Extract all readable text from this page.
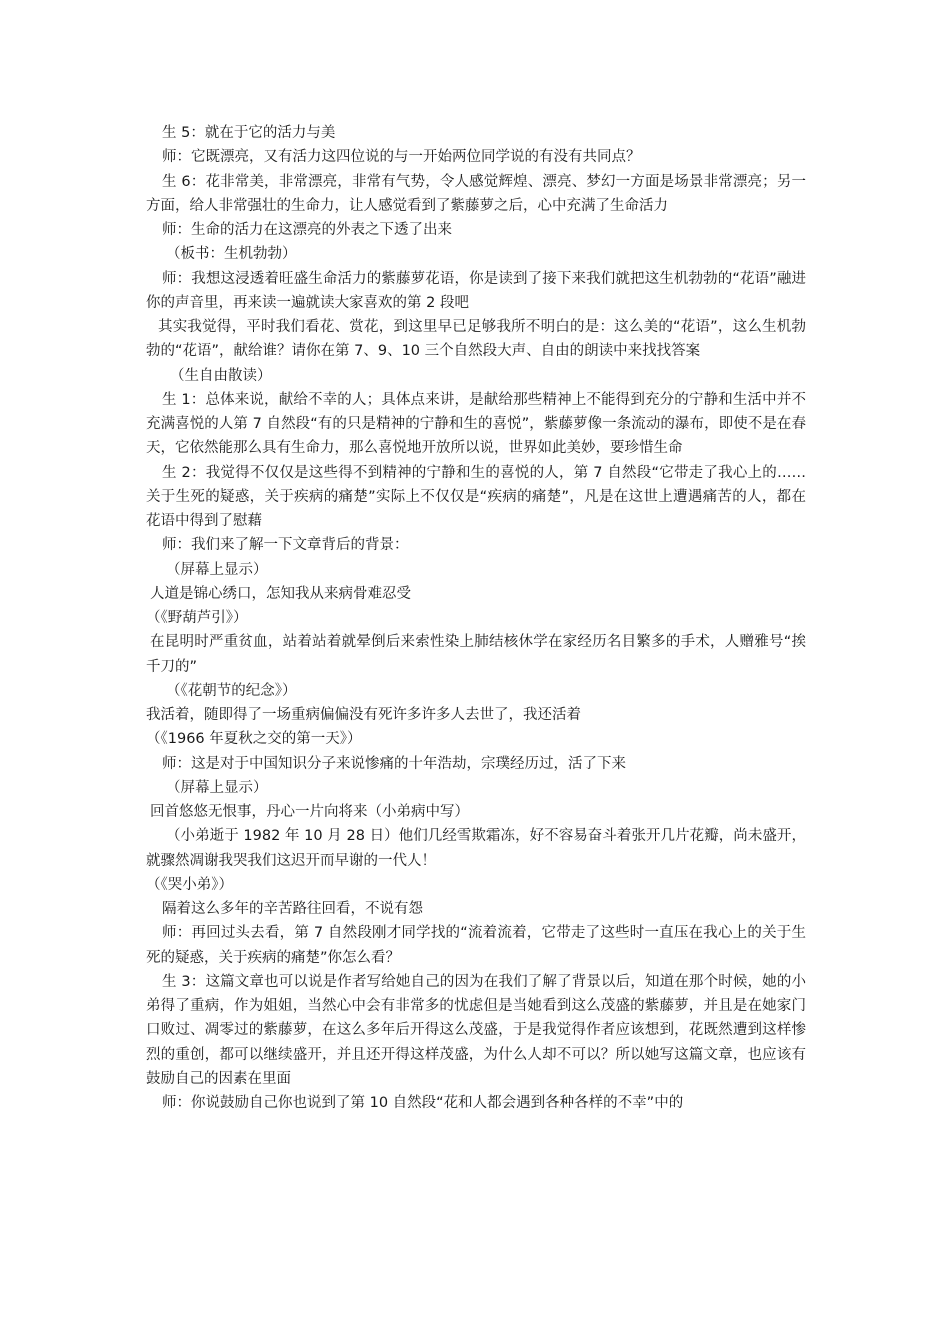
生 5：就在于它的活力与美

师：它既漂亮，又有活力这四位说的与一开始两位同学说的有没有共同点？

生 6：花非常美，非常漂亮，非常有气势，令人感觉辉煌、漂亮、梦幻一方面是场景非常漂亮；另一方面，给人非常强壮的生命力，让人感觉看到了紫藤萝之后，心中充满了生命活力

师：生命的活力在这漂亮的外表之下透了出来

（板书：生机勃勃）

师：我想这浸透着旺盛生命活力的紫藤萝花语，你是读到了接下来我们就把这生机勃勃的“花语”融进你的声音里，再来读一遍就读大家喜欢的第 2 段吧

其实我觉得，平时我们看花、赏花，到这里早已足够我所不明白的是：这么美的“花语”，这么生机勃勃的“花语”，献给谁？请你在第 7、9、10 三个自然段大声、自由的朗读中来找找答案

（生自由散读）

生 1：总体来说，献给不幸的人；具体点来讲，是献给那些精神上不能得到充分的宁静和生活中并不充满喜悦的人第 7 自然段“有的只是精神的宁静和生的喜悦”，紫藤萝像一条流动的瀑布，即使不是在春天，它依然能那么具有生命力，那么喜悦地开放所以说，世界如此美妙，要珍惜生命

生 2：我觉得不仅仅是这些得不到精神的宁静和生的喜悦的人，第 7 自然段“它带走了我心上的……关于生死的疑惑，关于疾病的痛楚”实际上不仅仅是“疾病的痛楚”，凡是在这世上遭遇痛苦的人，都在花语中得到了慰藉

师：我们来了解一下文章背后的背景：

（屏幕上显示）

人道是锦心绣口，怎知我从来病骨难忍受

（《野葫芦引》）

在昆明时严重贫血，站着站着就晕倒后来索性染上肺结核休学在家经历名目繁多的手术，人赠雅号“挨千刀的”

（《花朝节的纪念》）

我活着，随即得了一场重病偏偏没有死许多许多人去世了，我还活着

（《1966 年夏秋之交的第一天》）

师：这是对于中国知识分子来说惨痛的十年浩劫，宗璞经历过，活了下来

（屏幕上显示）

回首悠悠无恨事，丹心一片向将来（小弟病中写）

（小弟逝于 1982 年 10 月 28 日）他们几经雪欺霜冻，好不容易奋斗着张开几片花瓣，尚未盛开，就骤然凋谢我哭我们这迟开而早谢的一代人！

（《哭小弟》）

隔着这么多年的辛苦路往回看，不说有怨

师：再回过头去看，第 7 自然段刚才同学找的“流着流着，它带走了这些时一直压在我心上的关于生死的疑惑，关于疾病的痛楚”你怎么看？

生 3：这篇文章也可以说是作者写给她自己的因为在我们了解了背景以后，知道在那个时候，她的小弟得了重病，作为姐姐，当然心中会有非常多的忧虑但是当她看到这么茂盛的紫藤萝，并且是在她家门口败过、凋零过的紫藤萝，在这么多年后开得这么茂盛，于是我觉得作者应该想到，花既然遭到这样惨烈的重创，都可以继续盛开，并且还开得这样茂盛，为什么人却不可以？所以她写这篇文章，也应该有鼓励自己的因素在里面

师：你说鼓励自己你也说到了第 10 自然段“花和人都会遇到各种各样的不幸”中的
